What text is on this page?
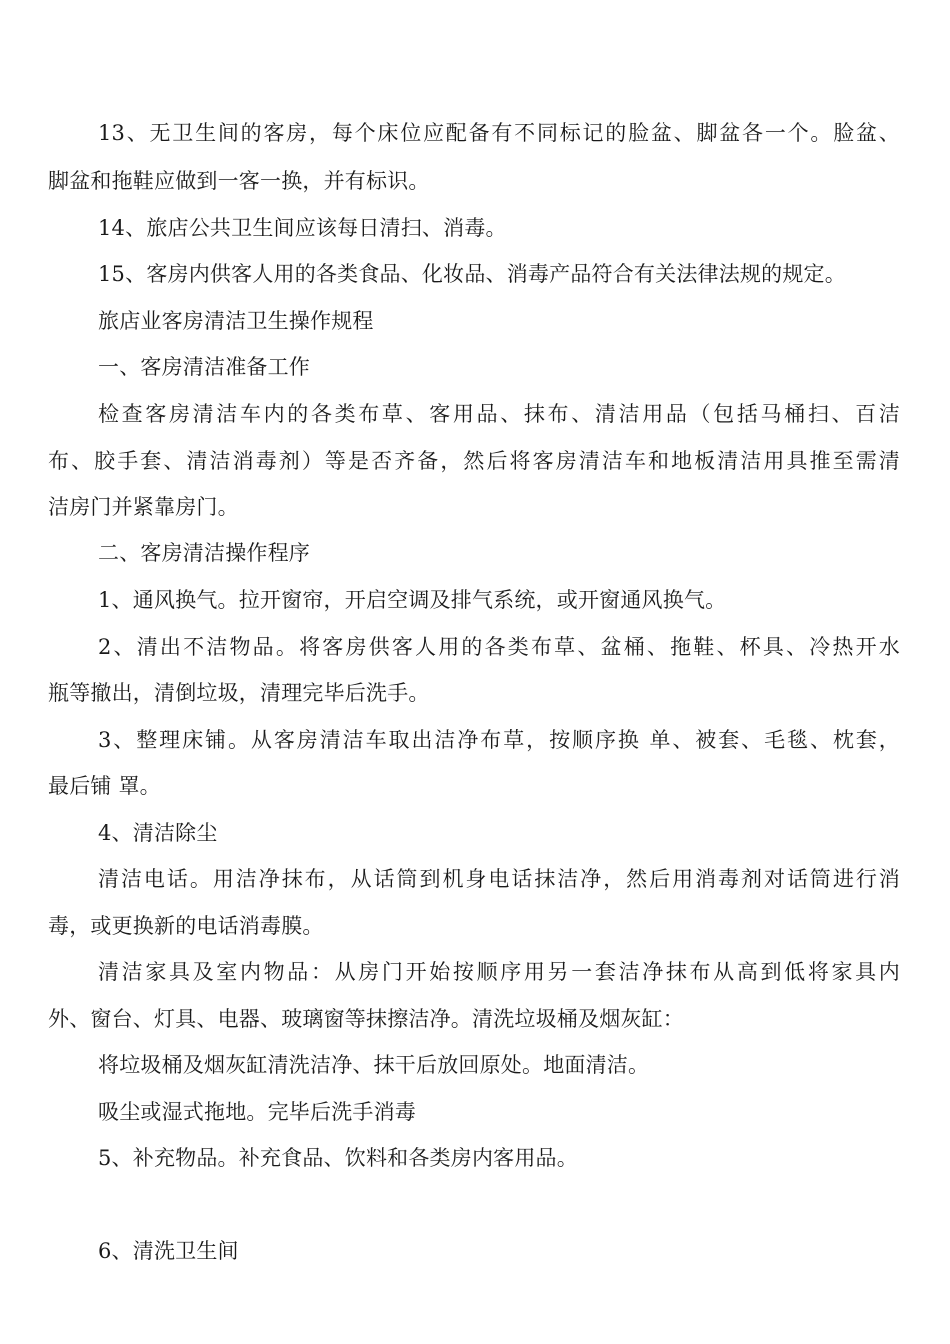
13、无卫生间的客房，每个床位应配备有不同标记的脸盆、脚盆各一个。脸盆、
脚盆和拖鞋应做到一客一换，并有标识。
14、旅店公共卫生间应该每日清扫、消毒。
15、客房内供客人用的各类食品、化妆品、消毒产品符合有关法律法规的规定。
旅店业客房清洁卫生操作规程
一、客房清洁准备工作
检查客房清洁车内的各类布草、客用品、抹布、清洁用品（包括马桶扫、百洁
布、胶手套、清洁消毒剂）等是否齐备，然后将客房清洁车和地板清洁用具推至需清
洁房门并紧靠房门。
二、客房清洁操作程序
1、通风换气。拉开窗帘，开启空调及排气系统，或开窗通风换气。
2、清出不洁物品。将客房供客人用的各类布草、盆桶、拖鞋、杯具、冷热开水
瓶等撤出，清倒垃圾，清理完毕后洗手。
3、整理床铺。从客房清洁车取出洁净布草，按顺序换 单、被套、毛毯、枕套，
最后铺 罩。
4、清洁除尘
清洁电话。用洁净抹布，从话筒到机身电话抹洁净，然后用消毒剂对话筒进行消
毒，或更换新的电话消毒膜。
清洁家具及室内物品：从房门开始按顺序用另一套洁净抹布从高到低将家具内
外、窗台、灯具、电器、玻璃窗等抹擦洁净。清洗垃圾桶及烟灰缸：
将垃圾桶及烟灰缸清洗洁净、抹干后放回原处。地面清洁。
吸尘或湿式拖地。完毕后洗手消毒
5、补充物品。补充食品、饮料和各类房内客用品。
6、清洗卫生间
